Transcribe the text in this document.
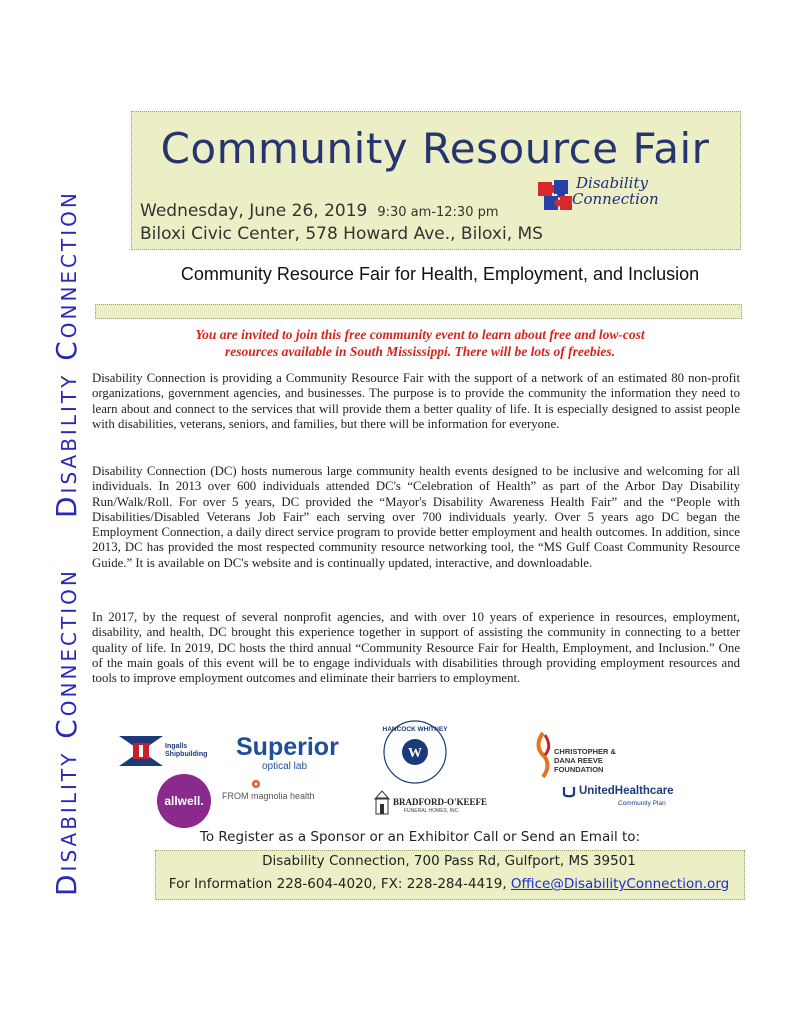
Disability Connection
Disability Connection
Community Resource Fair
Wednesday, June 26, 2019 9:30 am-12:30 pm
Biloxi Civic Center, 578 Howard Ave., Biloxi, MS
Disability
Connection
Community Resource Fair for Health, Employment, and Inclusion
You are invited to join this free community event to learn about free and low-cost
resources available in South Mississippi. There will be lots of freebies.
Disability Connection is providing a Community Resource Fair with the support of a network of an estimated 80 non-profit organizations, government agencies, and businesses. The purpose is to provide the community the information they need to learn about and connect to the services that will provide them a better quality of life. It is especially designed to assist people with disabilities, veterans, seniors, and families, but there will be information for everyone.
Disability Connection (DC) hosts numerous large community health events designed to be inclusive and welcoming for all individuals. In 2013 over 600 individuals attended DC's “Celebration of Health” as part of the Arbor Day Disability Run/Walk/Roll. For over 5 years, DC provided the “Mayor's Disability Awareness Health Fair” and the “People with Disabilities/Disabled Veterans Job Fair” each serving over 700 individuals yearly. Over 5 years ago DC began the Employment Connection, a daily direct service program to provide better employment and health outcomes. In addition, since 2013, DC has provided the most respected community resource networking tool, the “MS Gulf Coast Community Resource Guide.” It is available on DC's website and is continually updated, interactive, and downloadable.
In 2017, by the request of several nonprofit agencies, and with over 10 years of experience in resources, employment, disability, and health, DC brought this experience together in support of assisting the community in connecting to a better quality of life. In 2019, DC hosts the third annual “Community Resource Fair for Health, Employment, and Inclusion.” One of the main goals of this event will be to engage individuals with disabilities through providing employment resources and tools to improve employment outcomes and eliminate their barriers to employment.
Ingalls Shipbuilding Superior
optical lab
W
HANCOCK WHITNEY
CHRISTOPHER & DANA REEVE FOUNDATION
allwell. FROM magnolia health
BRADFORD-O'KEEFE
FUNERAL HOMES, INC.
UnitedHealthcare
Community Plan
To Register as a Sponsor or an Exhibitor Call or Send an Email to:
Disability Connection, 700 Pass Rd, Gulfport, MS 39501
For Information 228-604-4020, FX: 228-284-4419, Office@DisabilityConnection.org
